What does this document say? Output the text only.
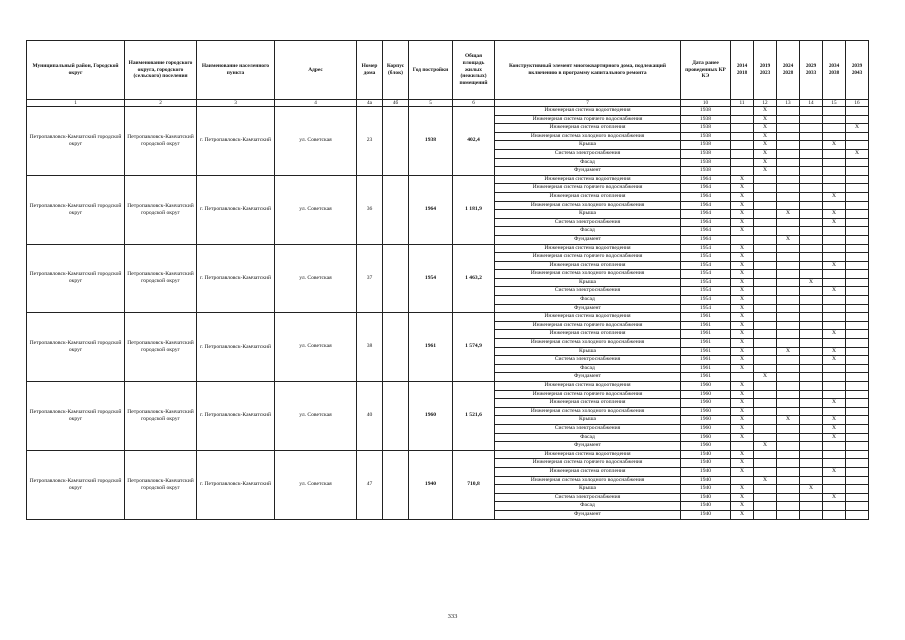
Муниципальный район, Городской округ	Наименование городского округа, городского (сельского) поселения	Наименование населенного пункта	Адрес	Номер дома	Корпус (блок)	Год постройки	Общая площадь жилых (нежилых) помещений	Конструктивный элемент многоквартирного дома, подлежащий включению в программу капитального ремонта	Дата ранее проведенных КР КЭ	2014 2018	2019 2023	2024 2028	2029 2033	2034 2038	2039 2043
1	2	3	4	4а	4б	5	6	7	10	11	12	13	14	15	16
Петропавловск-Камчатский городской округ	Петропавловск-Камчатский городской округ	г. Петропавловск-Камчатский	ул. Советская	23		1938	402,4	Инженерная система водоотведения	1938		X				
								Инженерная система горячего водоснабжения	1938		X				
								Инженерная система отопления	1938		X				X
								Инженерная система холодного водоснабжения	1938		X				
								Крыша	1938		X			X	
								Система электроснабжения	1938		X				X
								Фасад	1938		X				
								Фундамент	1938		X				
Петропавловск-Камчатский городской округ	Петропавловск-Камчатский городской округ	г. Петропавловск-Камчатский	ул. Советская	36		1964	1 181,9	Инженерная система водоотведения	1964	X					
								Инженерная система горячего водоснабжения	1964	X					
								Инженерная система отопления	1964	X				X	
								Инженерная система холодного водоснабжения	1964	X					
								Крыша	1964	X		X		X	
								Система электроснабжения	1964	X				X	
								Фасад	1964	X					
								Фундамент	1964			X			
Петропавловск-Камчатский городской округ	Петропавловск-Камчатский городской округ	г. Петропавловск-Камчатский	ул. Советская	37		1954	1 463,2	Инженерная система водоотведения	1954	X					
								Инженерная система горячего водоснабжения	1954	X					
								Инженерная система отопления	1954	X				X	
								Инженерная система холодного водоснабжения	1954	X					
								Крыша	1954	X			X		
								Система электроснабжения	1954	X				X	
								Фасад	1954	X					
								Фундамент	1954	X					
Петропавловск-Камчатский городской округ	Петропавловск-Камчатский городской округ	г. Петропавловск-Камчатский	ул. Советская	38		1961	1 574,9	Инженерная система водоотведения	1961	X					
								Инженерная система горячего водоснабжения	1961	X					
								Инженерная система отопления	1961	X				X	
								Инженерная система холодного водоснабжения	1961	X					
								Крыша	1961	X		X		X	
								Система электроснабжения	1961	X				X	
								Фасад	1961	X					
								Фундамент	1961		X				
Петропавловск-Камчатский городской округ	Петропавловск-Камчатский городской округ	г. Петропавловск-Камчатский	ул. Советская	40		1960	1 521,6	Инженерная система водоотведения	1960	X					
								Инженерная система горячего водоснабжения	1960	X					
								Инженерная система отопления	1960	X				X	
								Инженерная система холодного водоснабжения	1960	X					
								Крыша	1960	X		X		X	
								Система электроснабжения	1960	X				X	
								Фасад	1960	X				X	
								Фундамент	1960		X				
Петропавловск-Камчатский городской округ	Петропавловск-Камчатский городской округ	г. Петропавловск-Камчатский	ул. Советская	47		1940	710,8	Инженерная система водоотведения	1940	X					
								Инженерная система горячего водоснабжения	1940	X					
								Инженерная система отопления	1940	X				X	
								Инженерная система холодного водоснабжения	1940		X				
								Крыша	1940	X			X		
								Система электроснабжения	1940	X				X	
								Фасад	1940	X					
								Фундамент	1940	X					
333
